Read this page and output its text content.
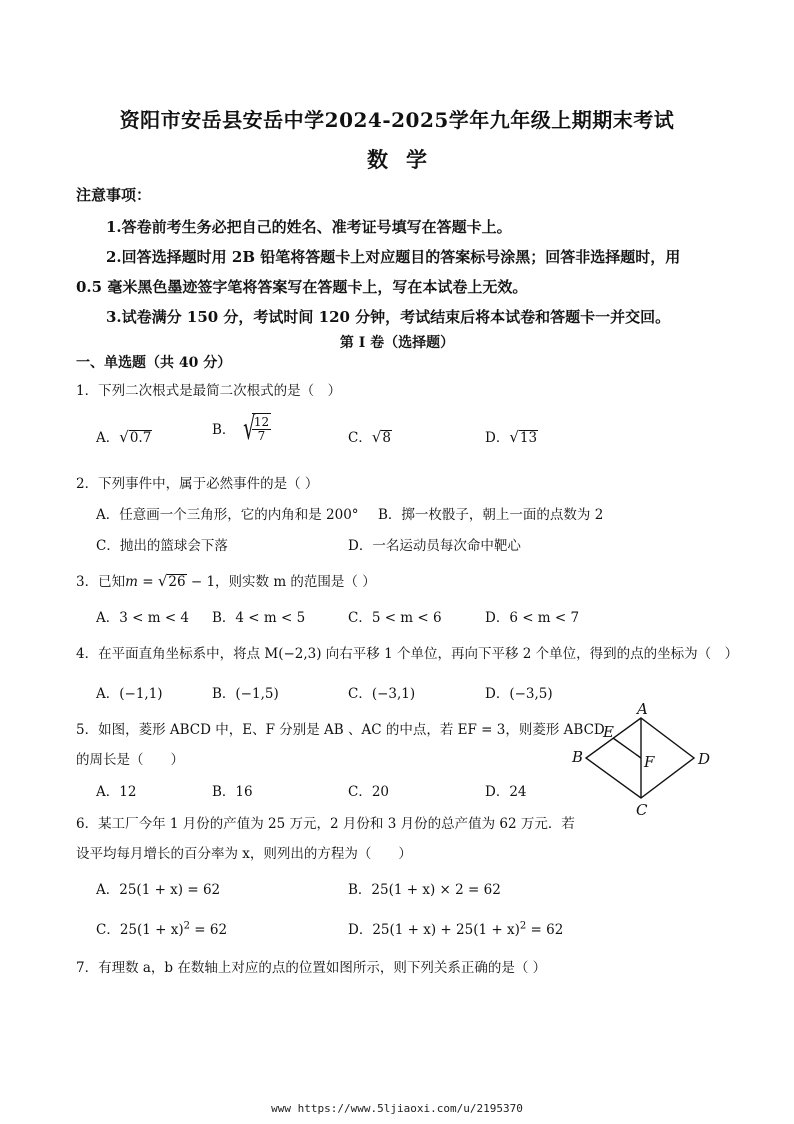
资阳市安岳县安岳中学2024-2025学年九年级上期期末考试
数学
注意事项：
1.答卷前考生务必把自己的姓名、准考证号填写在答题卡上。
2.回答选择题时用 2B 铅笔将答题卡上对应题目的答案标号涂黑；回答非选择题时，用
0.5 毫米黑色墨迹签字笔将答案写在答题卡上，写在本试卷上无效。
3.试卷满分 150 分，考试时间 120 分钟，考试结束后将本试卷和答题卡一并交回。
第 I 卷（选择题）
一、单选题（共 40 分）
1．下列二次根式是最简二次根式的是（　）
A．√0.7	B． √
$\frac{12}{7}$	C．√8	D．√13
2．下列事件中，属于必然事件的是（ ）
A．任意画一个三角形，它的内角和是 200° B．掷一枚骰子，朝上一面的点数为 2
C．抛出的篮球会下落	D．一名运动员每次命中靶心
3．已知m = √26 − 1，则实数 m 的范围是（ ）
A．3 < m < 4 B．4 < m < 5	C．5 < m < 6	D．6 < m < 7
4．在平面直角坐标系中，将点 M(−2,3) 向右平移 1 个单位，再向下平移 2 个单位，得到的点的坐标为（　）
A．(−1,1)	B．(−1,5)	C．(−3,1)	D．(−3,5)
5．如图，菱形 ABCD 中，E、F 分别是 AB 、AC 的中点，若 EF = 3，则菱形 ABCD
的周长是（　　）
A．12	B．16	C．20	D．24
A
B
C
D
E
F
6．某工厂今年 1 月份的产值为 25 万元，2 月份和 3 月份的总产值为 62 万元．若
设平均每月增长的百分率为 x，则列出的方程为（　　）
A．25(1 + x) = 62	B．25(1 + x) × 2 = 62
C．$25(1 + x)^2 = 62$	D．$25(1 + x) + 25(1 + x)^2 = 62$
7．有理数 a，b 在数轴上对应的点的位置如图所示，则下列关系正确的是（ ）
www https://www.5ljiaoxi.com/u/2195370
